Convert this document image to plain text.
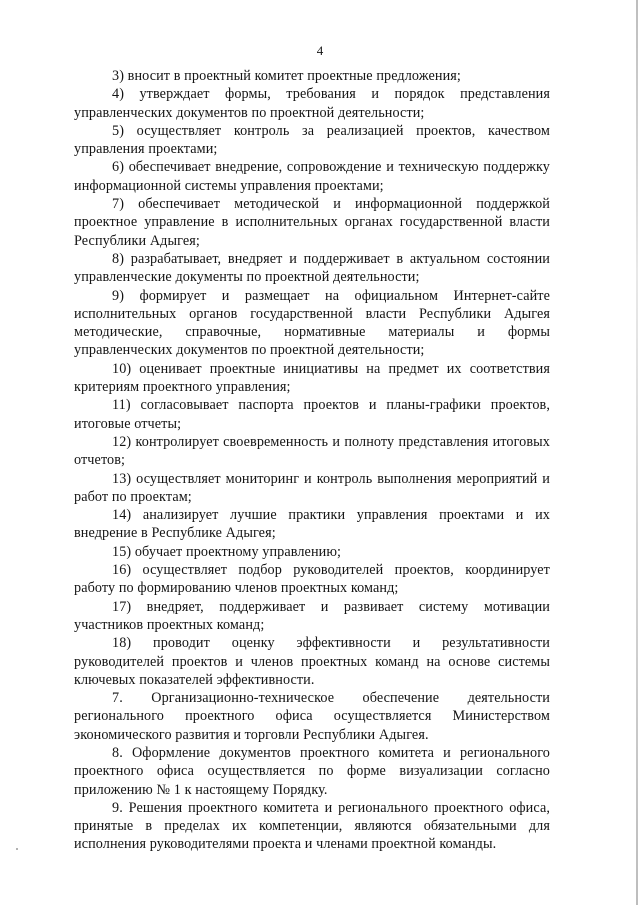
4

3) вносит в проектный комитет проектные предложения;

4) утверждает формы, требования и порядок представления управленческих документов по проектной деятельности;

5) осуществляет контроль за реализацией проектов, качеством управления проектами;

6) обеспечивает внедрение, сопровождение и техническую поддержку информационной системы управления проектами;

7) обеспечивает методической и информационной поддержкой проектное управление в исполнительных органах государственной власти Республики Адыгея;

8) разрабатывает, внедряет и поддерживает в актуальном состоянии управленческие документы по проектной деятельности;

9) формирует и размещает на официальном Интернет-сайте исполнительных органов государственной власти Республики Адыгея методические, справочные, нормативные материалы и формы управленческих документов по проектной деятельности;

10) оценивает проектные инициативы на предмет их соответствия критериям проектного управления;

11) согласовывает паспорта проектов и планы-графики проектов, итоговые отчеты;

12) контролирует своевременность и полноту представления итоговых отчетов;

13) осуществляет мониторинг и контроль выполнения мероприятий и работ по проектам;

14) анализирует лучшие практики управления проектами и их внедрение в Республике Адыгея;

15) обучает проектному управлению;

16) осуществляет подбор руководителей проектов, координирует работу по формированию членов проектных команд;

17) внедряет, поддерживает и развивает систему мотивации участников проектных команд;

18) проводит оценку эффективности и результативности руководителей проектов и членов проектных команд на основе системы ключевых показателей эффективности.

7. Организационно-техническое обеспечение деятельности регионального проектного офиса осуществляется Министерством экономического развития и торговли Республики Адыгея.

8. Оформление документов проектного комитета и регионального проектного офиса осуществляется по форме визуализации согласно приложению № 1 к настоящему Порядку.

9. Решения проектного комитета и регионального проектного офиса, принятые в пределах их компетенции, являются обязательными для исполнения руководителями проекта и членами проектной команды.
